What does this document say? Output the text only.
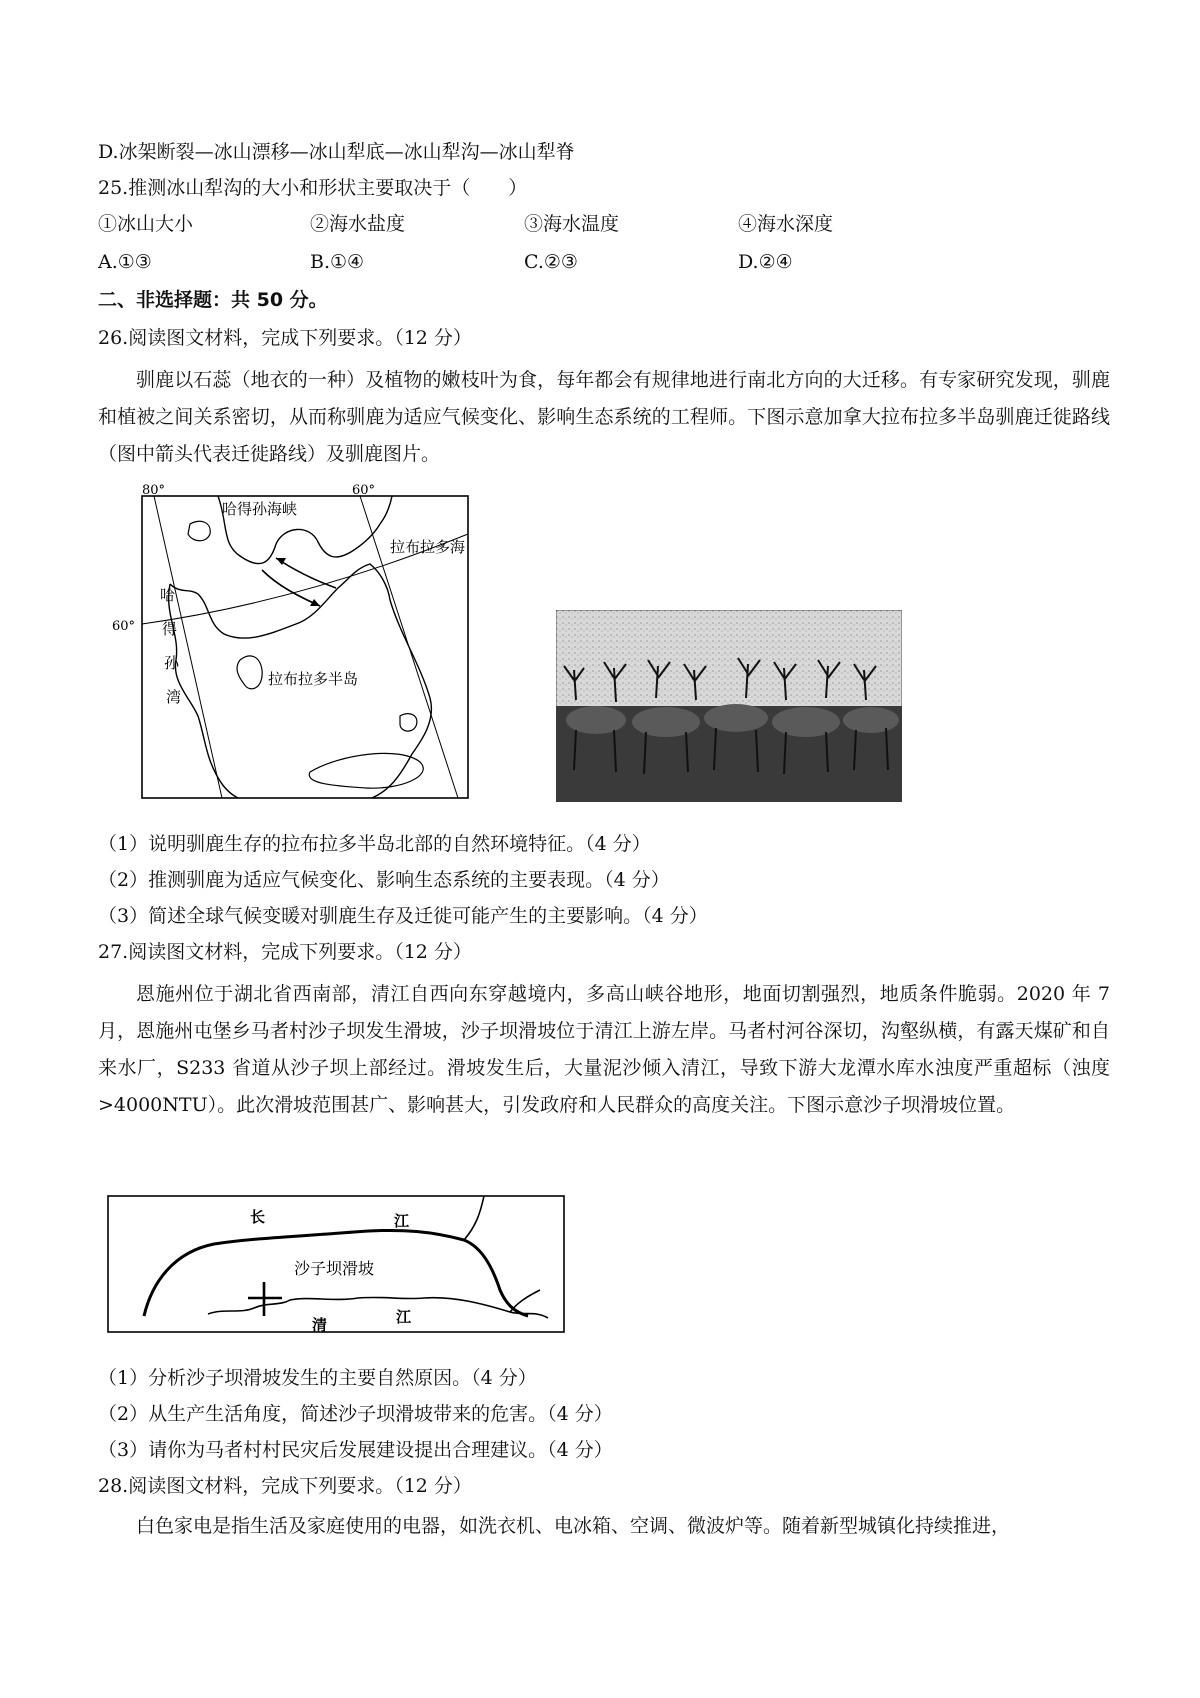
D.冰架断裂—冰山漂移—冰山犁底—冰山犁沟—冰山犁脊
25.推测冰山犁沟的大小和形状主要取决于（　　）
①冰山大小	②海水盐度	③海水温度	④海水深度
A.①③	B.①④	C.②③	D.②④
二、非选择题：共 50 分。
26.阅读图文材料，完成下列要求。（12 分）
驯鹿以石蕊（地衣的一种）及植物的嫩枝叶为食，每年都会有规律地进行南北方向的大迁移。有专家研究发现，驯鹿和植被之间关系密切，从而称驯鹿为适应气候变化、影响生态系统的工程师。下图示意加拿大拉布拉多半岛驯鹿迁徙路线（图中箭头代表迁徙路线）及驯鹿图片。
80°	60°
60°
哈得孙海峡
拉布拉多海
哈
得
孙
湾
拉布拉多半岛
（1）说明驯鹿生存的拉布拉多半岛北部的自然环境特征。（4 分）
（2）推测驯鹿为适应气候变化、影响生态系统的主要表现。（4 分）
（3）简述全球气候变暖对驯鹿生存及迁徙可能产生的主要影响。（4 分）
27.阅读图文材料，完成下列要求。（12 分）
恩施州位于湖北省西南部，清江自西向东穿越境内，多高山峡谷地形，地面切割强烈，地质条件脆弱。2020 年 7 月，恩施州屯堡乡马者村沙子坝发生滑坡，沙子坝滑坡位于清江上游左岸。马者村河谷深切，沟壑纵横，有露天煤矿和自来水厂，S233 省道从沙子坝上部经过。滑坡发生后，大量泥沙倾入清江，导致下游大龙潭水库水浊度严重超标（浊度>4000NTU）。此次滑坡范围甚广、影响甚大，引发政府和人民群众的高度关注。下图示意沙子坝滑坡位置。
长	江
沙子坝滑坡
清	江
（1）分析沙子坝滑坡发生的主要自然原因。（4 分）
（2）从生产生活角度，简述沙子坝滑坡带来的危害。（4 分）
（3）请你为马者村村民灾后发展建设提出合理建议。（4 分）
28.阅读图文材料，完成下列要求。（12 分）
白色家电是指生活及家庭使用的电器，如洗衣机、电冰箱、空调、微波炉等。随着新型城镇化持续推进，
